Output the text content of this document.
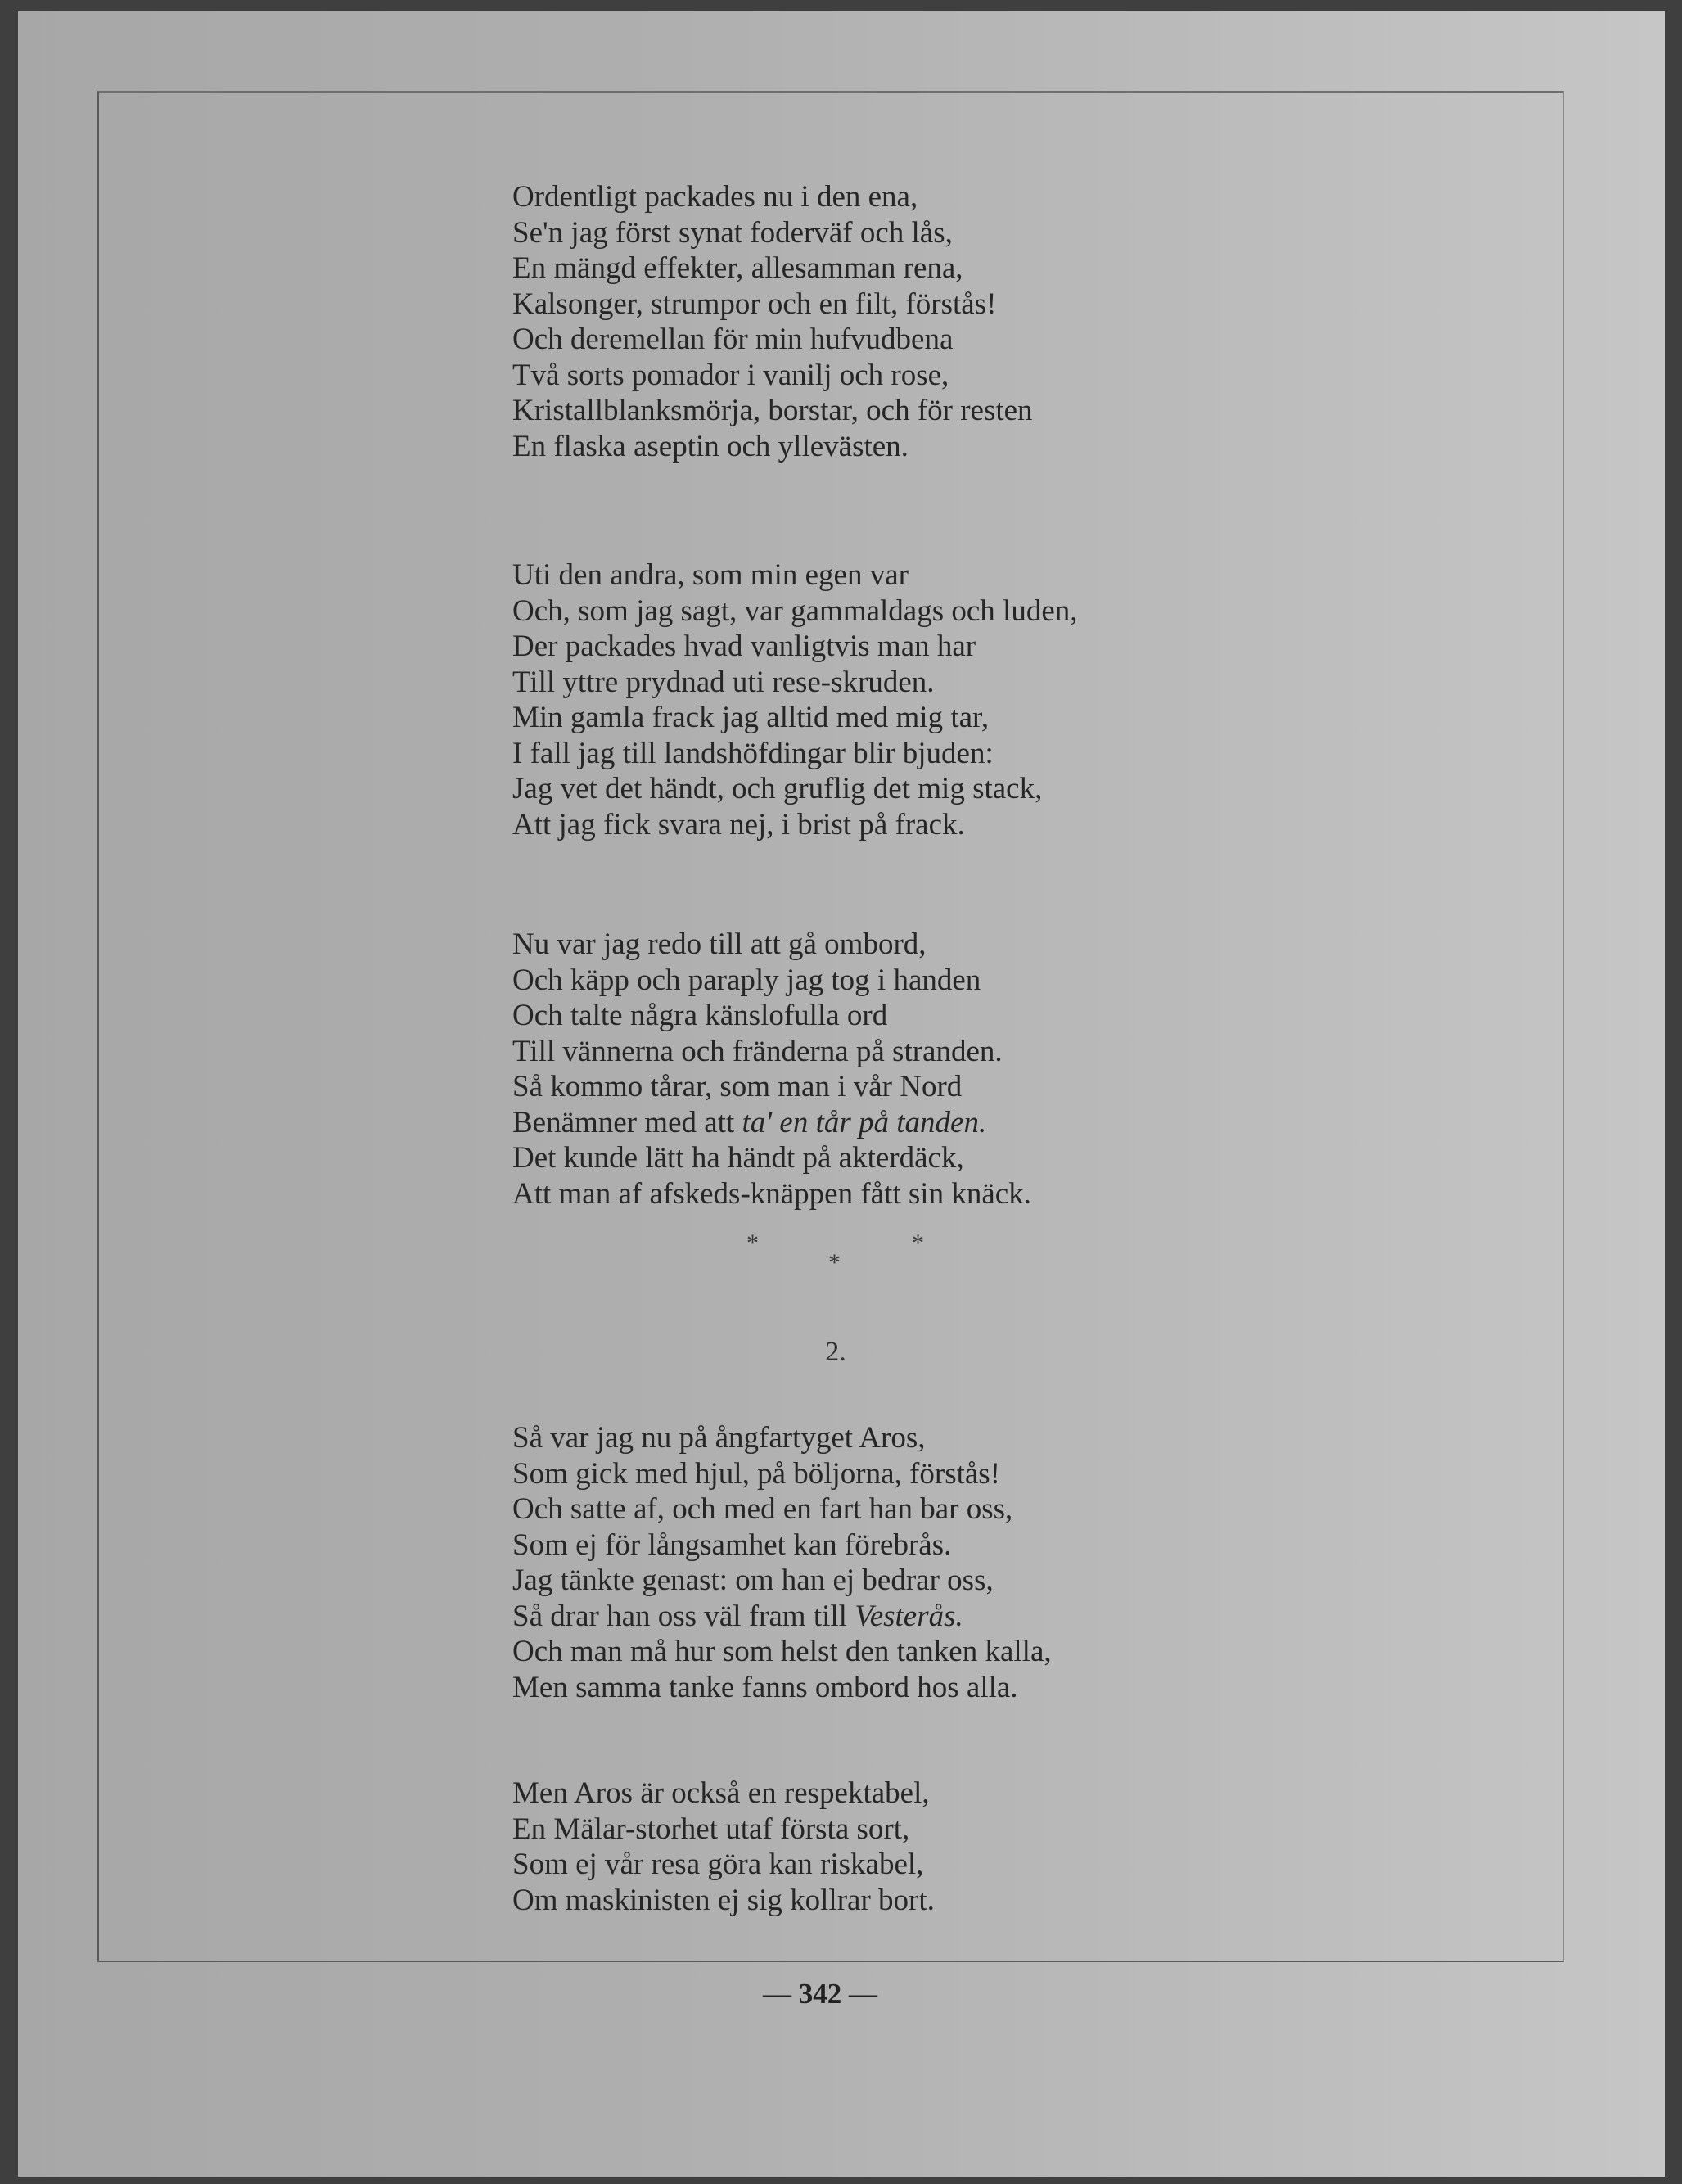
Ordentligt packades nu i den ena,
Se'n jag först synat foderväf och lås,
En mängd effekter, allesamman rena,
Kalsonger, strumpor och en filt, förstås!
Och deremellan för min hufvudbena
Två sorts pomador i vanilj och rose,
Kristallblanksmörja, borstar, och för resten
En flaska aseptin och yllevästen.
Uti den andra, som min egen var
Och, som jag sagt, var gammaldags och luden,
Der packades hvad vanligtvis man har
Till yttre prydnad uti rese-skruden.
Min gamla frack jag alltid med mig tar,
I fall jag till landshöfdingar blir bjuden:
Jag vet det händt, och gruflig det mig stack,
Att jag fick svara nej, i brist på frack.
Nu var jag redo till att gå ombord,
Och käpp och paraply jag tog i handen
Och talte några känslofulla ord
Till vännerna och fränderna på stranden.
Så kommo tårar, som man i vår Nord
Benämner med att ta' en tår på tanden.
Det kunde lätt ha händt på akterdäck,
Att man af afskeds-knäppen fått sin knäck.
*
*
*
2.
Så var jag nu på ångfartyget Aros,
Som gick med hjul, på böljorna, förstås!
Och satte af, och med en fart han bar oss,
Som ej för långsamhet kan förebrås.
Jag tänkte genast: om han ej bedrar oss,
Så drar han oss väl fram till Vesterås.
Och man må hur som helst den tanken kalla,
Men samma tanke fanns ombord hos alla.
Men Aros är också en respektabel,
En Mälar-storhet utaf första sort,
Som ej vår resa göra kan riskabel,
Om maskinisten ej sig kollrar bort.
— 342 —
